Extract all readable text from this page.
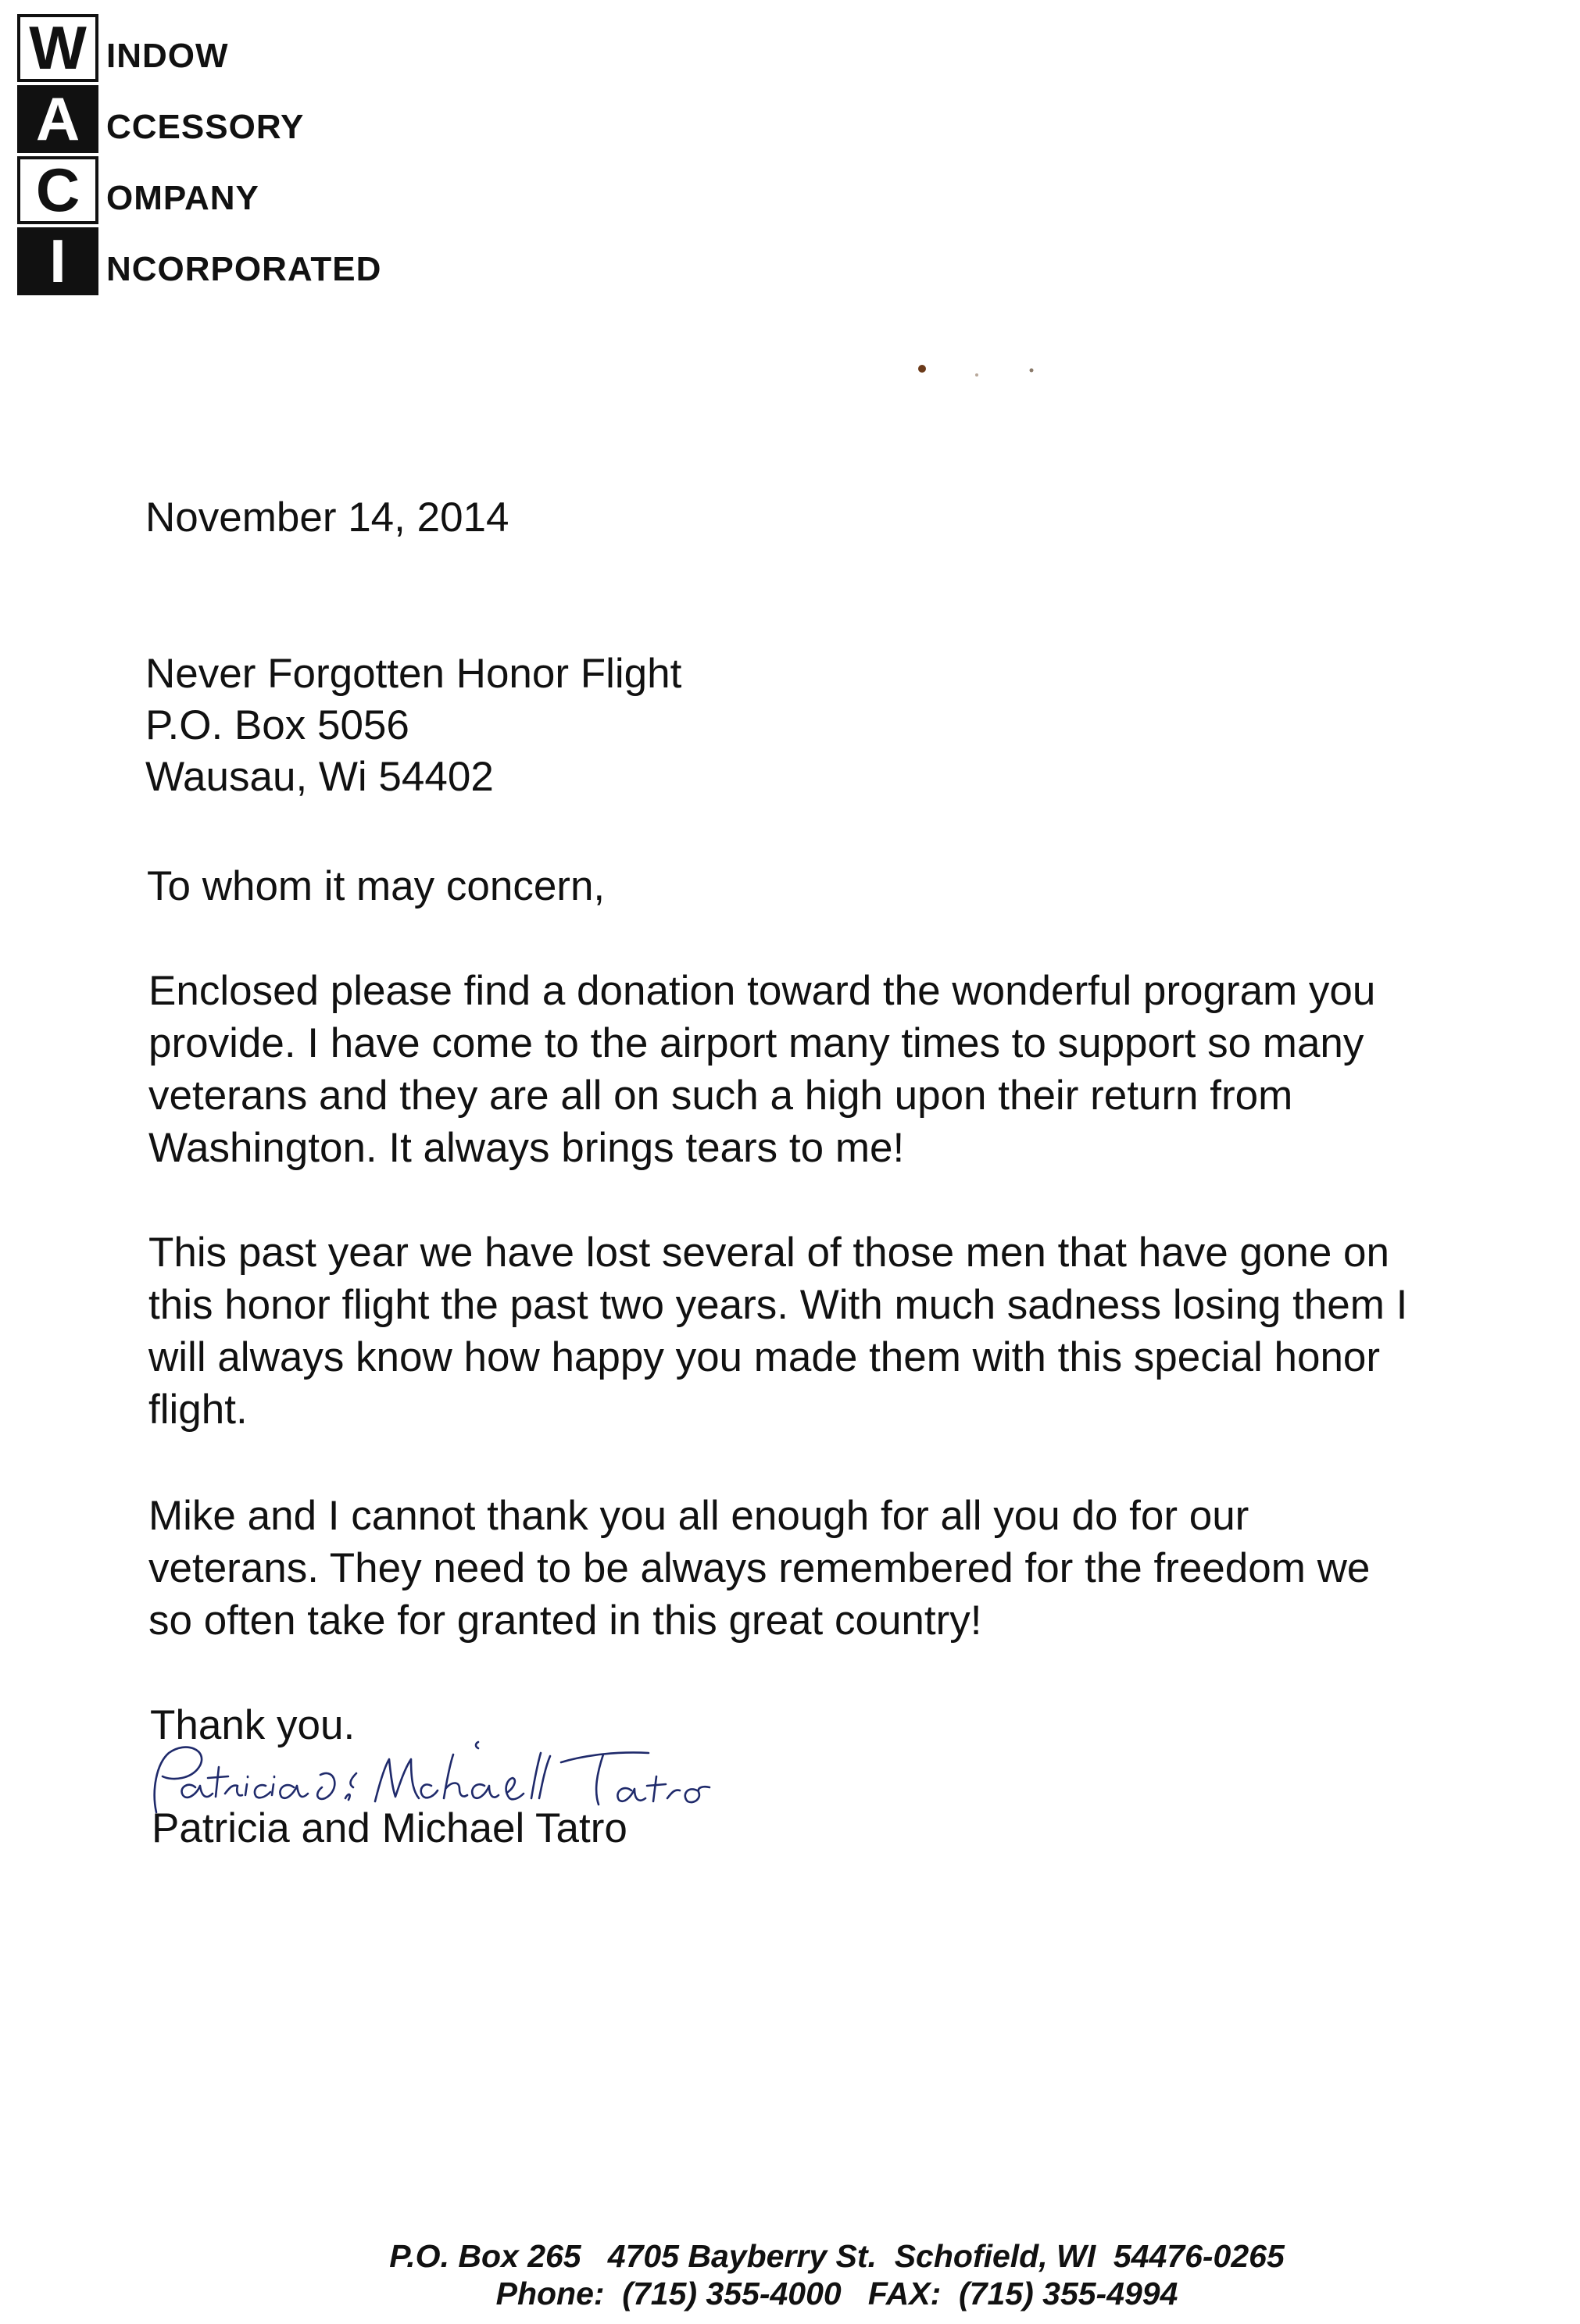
W INDOW
A CCESSORY
C OMPANY
I	NCORPORATED
November 14, 2014
Never Forgotten Honor Flight
P.O. Box 5056
Wausau, Wi 54402
To whom it may concern,
Enclosed please find a donation toward the wonderful program you
provide. I have come to the airport many times to support so many
veterans and they are all on such a high upon their return from
Washington. It always brings tears to me!
This past year we have lost several of those men that have gone on
this honor flight the past two years. With much sadness losing them I
will always know how happy you made them with this special honor
flight.
Mike and I cannot thank you all enough for all you do for our
veterans. They need to be always remembered for the freedom we
so often take for granted in this great country!
Thank you.
Patricia and Michael Tatro
P.O. Box 265   4705 Bayberry St.  Schofield, WI  54476-0265
Phone:  (715) 355-4000   FAX:  (715) 355-4994
